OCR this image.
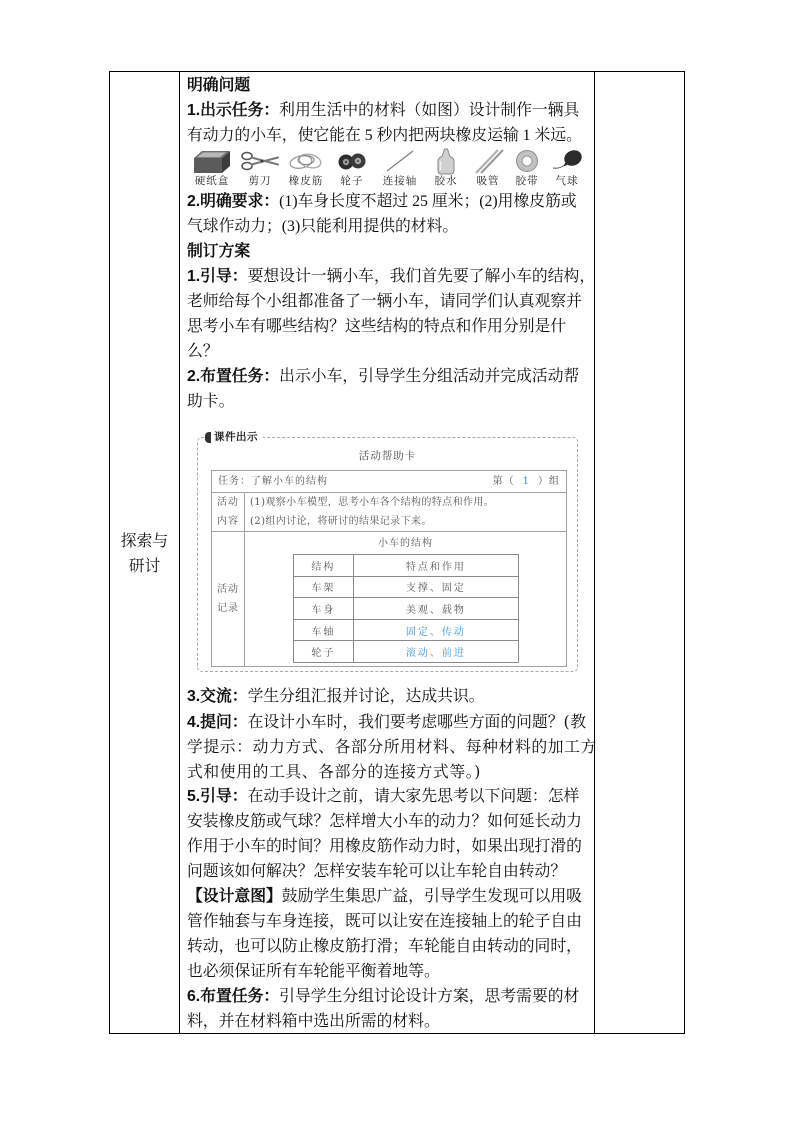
探索与
研讨
明确问题
1.出示任务：利用生活中的材料（如图）设计制作一辆具
有动力的小车，使它能在 5 秒内把两块橡皮运输 1 米远。
硬纸盒	剪刀	橡皮筋	轮子	连接轴	胶水	吸管	胶带	气球
2.明确要求：(1)车身长度不超过 25 厘米；(2)用橡皮筋或
气球作动力；(3)只能利用提供的材料。
制订方案
1.引导：要想设计一辆小车，我们首先要了解小车的结构，
老师给每个小组都准备了一辆小车，请同学们认真观察并
思考小车有哪些结构？这些结构的特点和作用分别是什
么？
2.布置任务：出示小车，引导学生分组活动并完成活动帮
助卡。
课件出示
活动帮助卡
任务：了解小车的结构	第（ 1 ）组

活动
内容

(1)观察小车模型，思考小车各个结构的特点和作用。
(2)组内讨论，将研讨的结果记录下来。

活动
记录

小车的结构
结构	特点和作用
车架	支撑、固定
车身	美观、载物
车轴	固定、传动
轮子	滚动、前进
3.交流：学生分组汇报并讨论，达成共识。
4.提问：在设计小车时，我们要考虑哪些方面的问题？(教
学提示：动力方式、各部分所用材料、每种材料的加工方
式和使用的工具、各部分的连接方式等。)
5.引导：在动手设计之前，请大家先思考以下问题：怎样
安装橡皮筋或气球？怎样增大小车的动力？如何延长动力
作用于小车的时间？用橡皮筋作动力时，如果出现打滑的
问题该如何解决？怎样安装车轮可以让车轮自由转动？
【设计意图】鼓励学生集思广益，引导学生发现可以用吸
管作轴套与车身连接，既可以让安在连接轴上的轮子自由
转动，也可以防止橡皮筋打滑；车轮能自由转动的同时，
也必须保证所有车轮能平衡着地等。
6.布置任务：引导学生分组讨论设计方案，思考需要的材
料，并在材料箱中选出所需的材料。
